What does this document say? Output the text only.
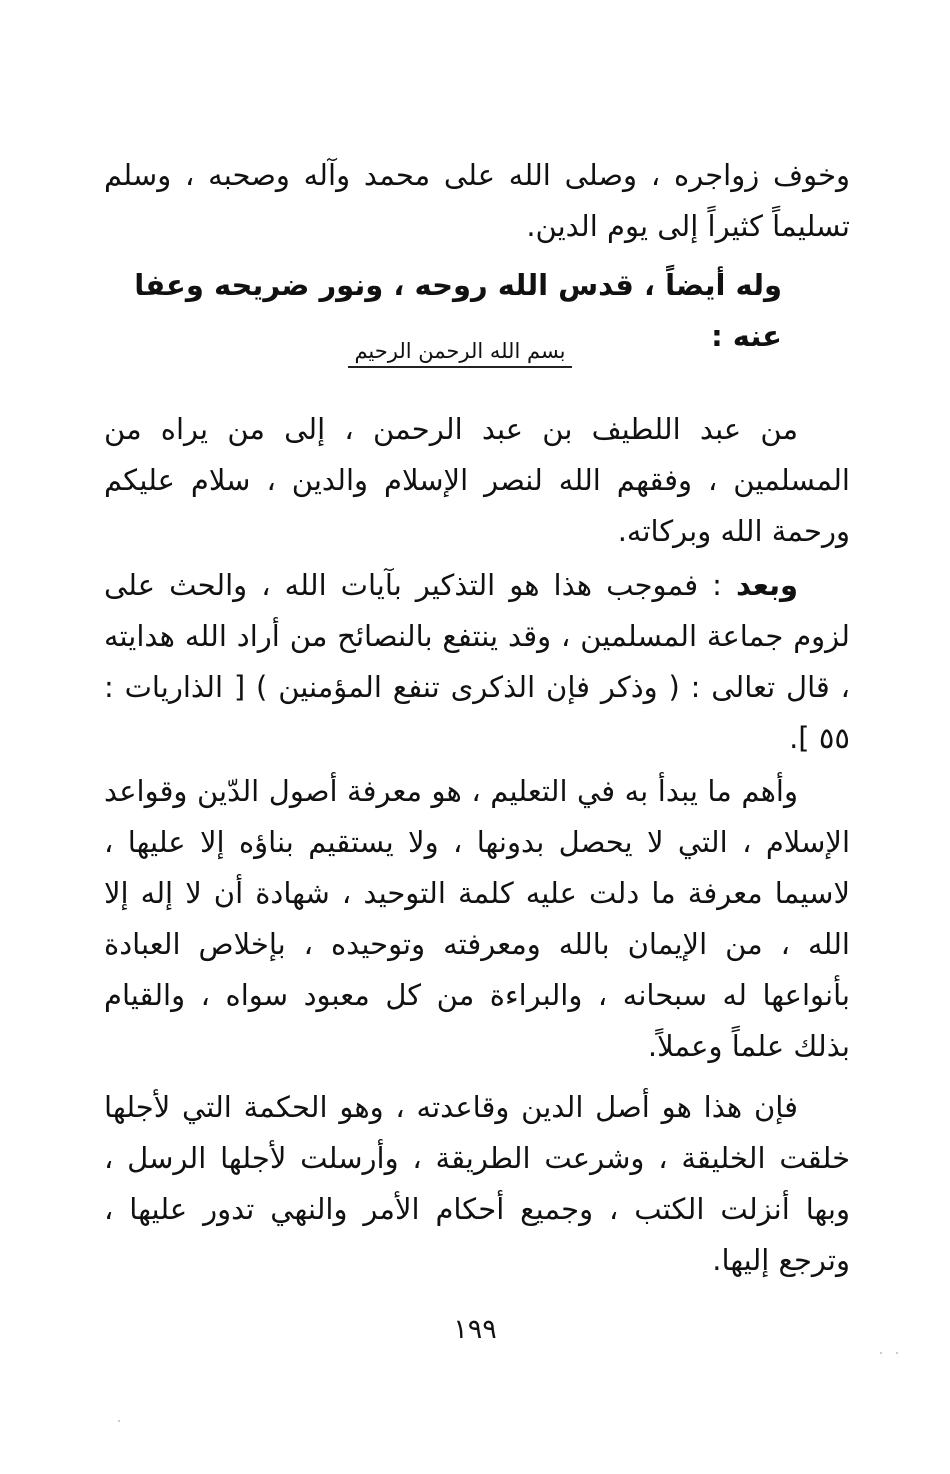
وخوف زواجره ، وصلى الله على محمد وآله وصحبه ، وسلم تسليماً كثيراً إلى يوم الدين.

وله أيضاً ، قدس الله روحه ، ونور ضريحه وعفا عنه :

بسم الله الرحمن الرحيم

من عبد اللطيف بن عبد الرحمن ، إلى من يراه من المسلمين ، وفقهم الله لنصر الإسلام والدين ، سلام عليكم ورحمة الله وبركاته.

وبعد : فموجب هذا هو التذكير بآيات الله ، والحث على لزوم جماعة المسلمين ، وقد ينتفع بالنصائح من أراد الله هدايته ، قال تعالى : ( وذكر فإن الذكرى تنفع المؤمنين ) [ الذاريات : ٥٥ ].

وأهم ما يبدأ به في التعليم ، هو معرفة أصول الدّين وقواعد الإسلام ، التي لا يحصل بدونها ، ولا يستقيم بناؤه إلا عليها ، لاسيما معرفة ما دلت عليه كلمة التوحيد ، شهادة أن لا إله إلا الله ، من الإيمان بالله ومعرفته وتوحيده ، بإخلاص العبادة بأنواعها له سبحانه ، والبراءة من كل معبود سواه ، والقيام بذلك علماً وعملاً.

فإن هذا هو أصل الدين وقاعدته ، وهو الحكمة التي لأجلها خلقت الخليقة ، وشرعت الطريقة ، وأرسلت لأجلها الرسل ، وبها أنزلت الكتب ، وجميع أحكام الأمر والنهي تدور عليها ، وترجع إليها.

١٩٩
